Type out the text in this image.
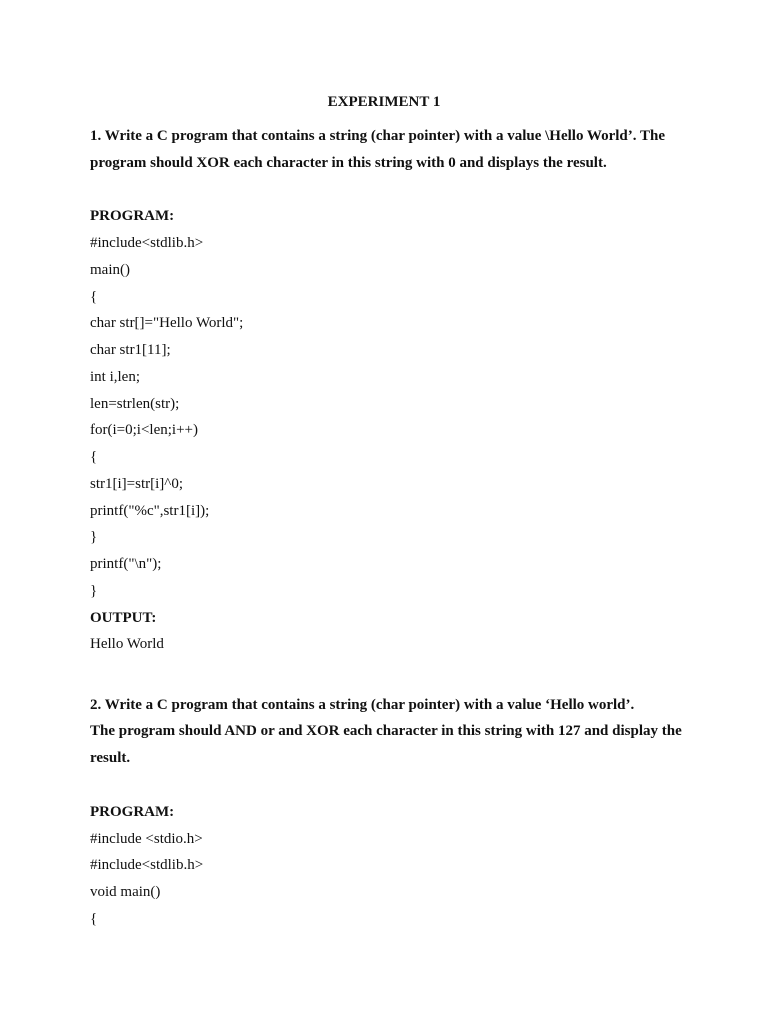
EXPERIMENT 1
1. Write a C program that contains a string (char pointer) with a value \Hello World’. The
program should XOR each character in this string with 0 and displays the result.
PROGRAM:
#include<stdlib.h>
main()
{
char str[]="Hello World";
char str1[11];
int i,len;
len=strlen(str);
for(i=0;i<len;i++)
{
str1[i]=str[i]^0;
printf("%c",str1[i]);
}
printf("\n");
}
OUTPUT:
Hello World
2. Write a C program that contains a string (char pointer) with a value ‘Hello world’.
The program should AND or and XOR each character in this string with 127 and display the
result.
PROGRAM:
#include <stdio.h>
#include<stdlib.h>
void main()
{
